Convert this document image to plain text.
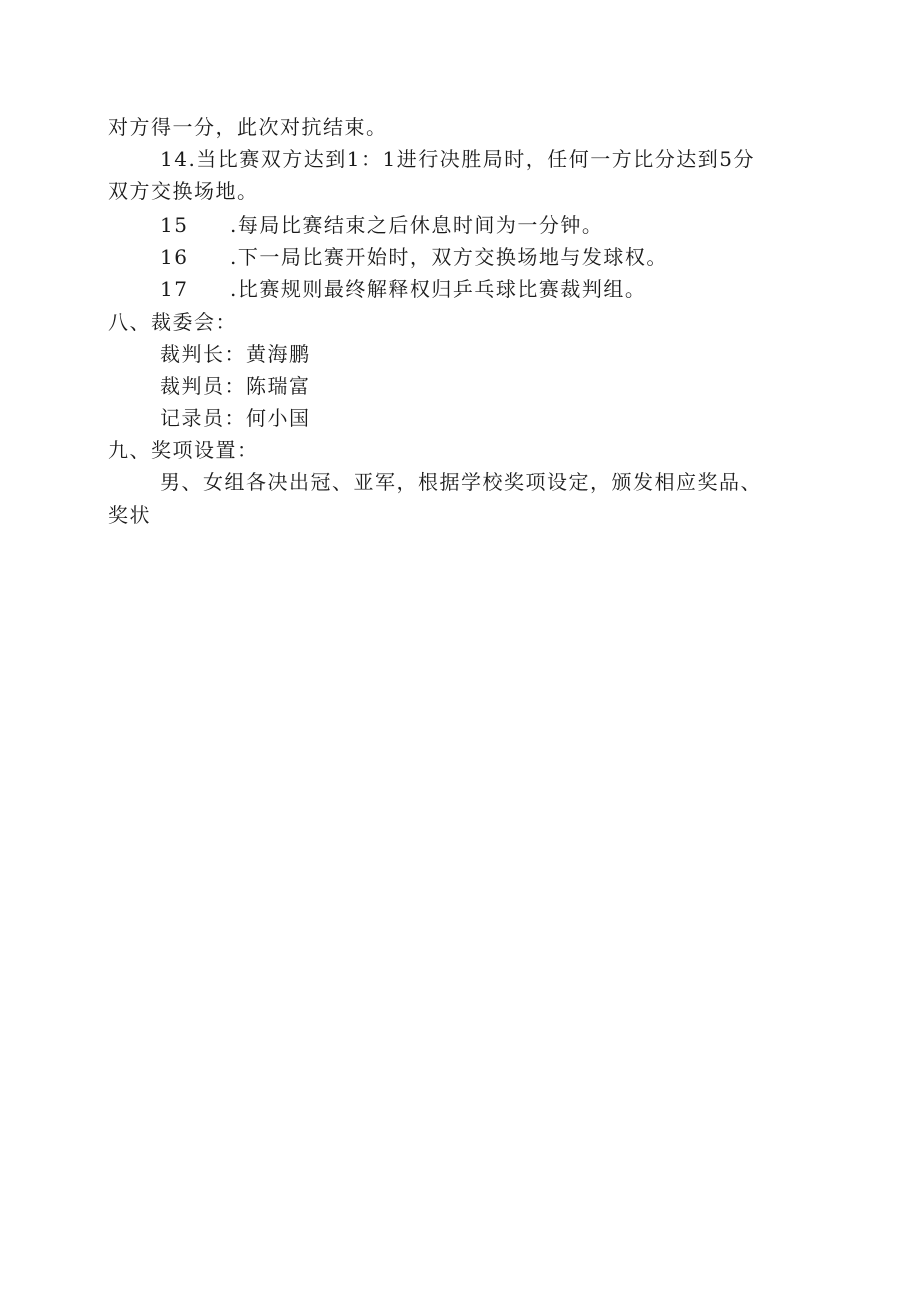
对方得一分，此次对抗结束。
14.当比赛双方达到1：1进行决胜局时，任何一方比分达到5分
双方交换场地。
15 .每局比赛结束之后休息时间为一分钟。
16 .下一局比赛开始时，双方交换场地与发球权。
17 .比赛规则最终解释权归乒乓球比赛裁判组。
八、裁委会：
裁判长：黄海鹏
裁判员：陈瑞富
记录员：何小国
九、奖项设置：
男、女组各决出冠、亚军，根据学校奖项设定，颁发相应奖品、
奖状
